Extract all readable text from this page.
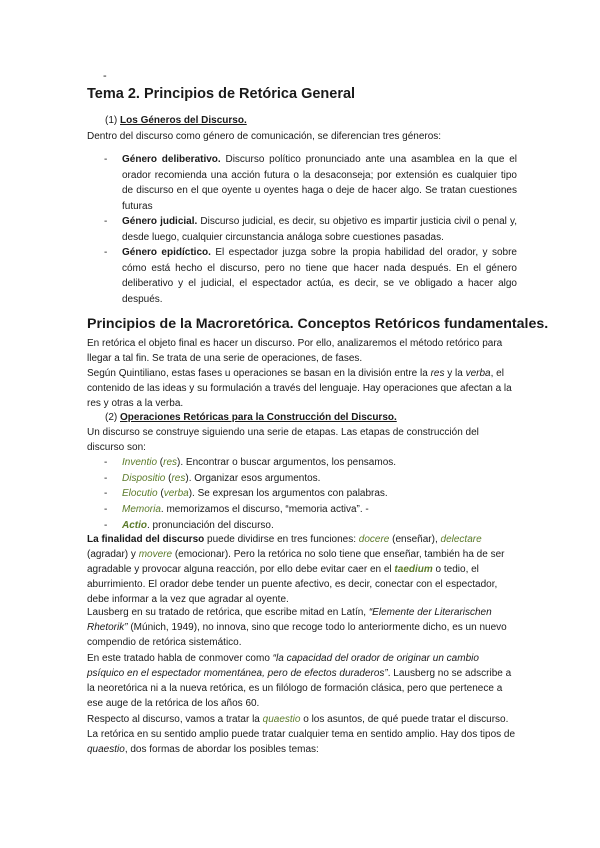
-
Tema 2. Principios de Retórica General
(1) Los Géneros del Discurso.
Dentro del discurso como género de comunicación, se diferencian tres géneros:
- Género deliberativo. Discurso político pronunciado ante una asamblea en la que el orador recomienda una acción futura o la desaconseja; por extensión es cualquier tipo de discurso en el que oyente u oyentes haga o deje de hacer algo. Se tratan cuestiones futuras
- Género judicial. Discurso judicial, es decir, su objetivo es impartir justicia civil o penal y, desde luego, cualquier circunstancia análoga sobre cuestiones pasadas.
- Género epidíctico. El espectador juzga sobre la propia habilidad del orador, y sobre cómo está hecho el discurso, pero no tiene que hacer nada después. En el género deliberativo y el judicial, el espectador actúa, es decir, se ve obligado a hacer algo después.
Principios de la Macroretórica. Conceptos Retóricos fundamentales.
En retórica el objeto final es hacer un discurso. Por ello, analizaremos el método retórico para llegar a tal fin. Se trata de una serie de operaciones, de fases.
Según Quintiliano, estas fases u operaciones se basan en la división entre la res y la verba, el contenido de las ideas y su formulación a través del lenguaje. Hay operaciones que afectan a la res y otras a la verba.
(2) Operaciones Retóricas para la Construcción del Discurso.
Un discurso se construye siguiendo una serie de etapas. Las etapas de construcción del discurso son:
- Inventio (res). Encontrar o buscar argumentos, los pensamos.
- Dispositio (res). Organizar esos argumentos.
- Elocutio (verba). Se expresan los argumentos con palabras.
- Memoria. memorizamos el discurso, “memoria activa”. -
- Actio. pronunciación del discurso.
La finalidad del discurso puede dividirse en tres funciones: docere (enseñar), delectare (agradar) y movere (emocionar). Pero la retórica no solo tiene que enseñar, también ha de ser agradable y provocar alguna reacción, por ello debe evitar caer en el taedium o tedio, el aburrimiento. El orador debe tender un puente afectivo, es decir, conectar con el espectador, debe informar a la vez que agradar al oyente.
Lausberg en su tratado de retórica, que escribe mitad en Latín, “Elemente der Literarischen Rhetorik” (Múnich, 1949), no innova, sino que recoge todo lo anteriormente dicho, es un nuevo compendio de retórica sistemático.
En este tratado habla de conmover como “la capacidad del orador de originar un cambio psíquico en el espectador momentánea, pero de efectos duraderos”. Lausberg no se adscribe a la neoretórica ni a la nueva retórica, es un filólogo de formación clásica, pero que pertenece a ese auge de la retórica de los años 60.
Respecto al discurso, vamos a tratar la quaestio o los asuntos, de qué puede tratar el discurso. La retórica en su sentido amplio puede tratar cualquier tema en sentido amplio. Hay dos tipos de quaestio, dos formas de abordar los posibles temas:
